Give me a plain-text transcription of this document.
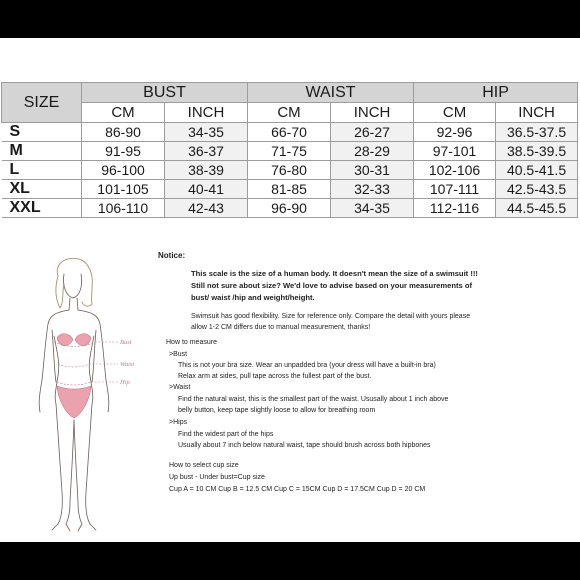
SIZE	BUST		WAIST		HIP	
	CM	INCH	CM	INCH	CM	INCH
S	86-90	34-35	66-70	26-27	92-96	36.5-37.5
M	91-95	36-37	71-75	28-29	97-101	38.5-39.5
L	96-100	38-39	76-80	30-31	102-106	40.5-41.5
XL	101-105	40-41	81-85	32-33	107-111	42.5-43.5
XXL	106-110	42-43	96-90	34-35	112-116	44.5-45.5
Bust
Waist
Hip
Notice:
This scale is the size of a human body. It doesn't mean the size of a swimsuit !!!
Still not sure about size? We'd love to advise based on your measurements of
bust/ waist /hip and weight/height.
Swimsuit has good flexibility. Size for reference only. Compare the detail with yours please
allow 1-2 CM differs due to manual measurement, thanks!
How to measure
>Bust
This is not your bra size. Wear an unpadded bra (your dress will have a built-in bra)
Relax arm at sides, pull tape across the fullest part of the bust.
>Waist
Find the natural waist, this is the smallest part of the waist. Ususally about 1 inch above
belly button, keep tape slightly loose to allow for breathing room
>Hips
Find the widest part of the hips
Usually about 7 inch below natural waist, tape should brush across both hipbones
How to select cup size
Up bust - Under bust=Cup size
Cup A = 10 CM Cup B = 12.5 CM Cup C = 15CM Cup D = 17.5CM Cup D = 20 CM
